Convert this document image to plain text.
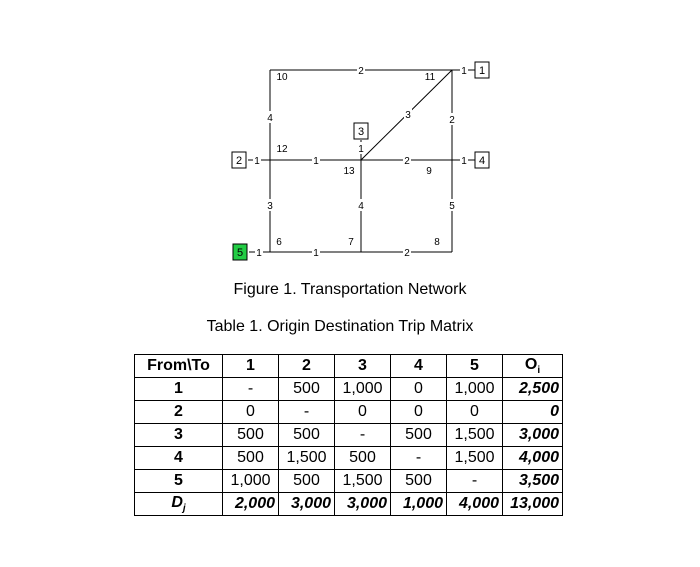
2	1
4	2
3
1
1	1	2	1
3	4	5
1	1	2
10	11
12
13	9
6	7	8
1
2
3
4
5
Figure 1. Transportation Network
Table 1. Origin Destination Trip Matrix
From\To	1	2	3	4	5	$O_i$
1	-	500	1,000	0	1,000	2,500
2	0	-	0	0	0	0
3	500	500	-	500	1,500	3,000
4	500	1,500	500	-	1,500	4,000
5	1,000	500	1,500	500	-	3,500
$D_j$	2,000	3,000	3,000	1,000	4,000	13,000
